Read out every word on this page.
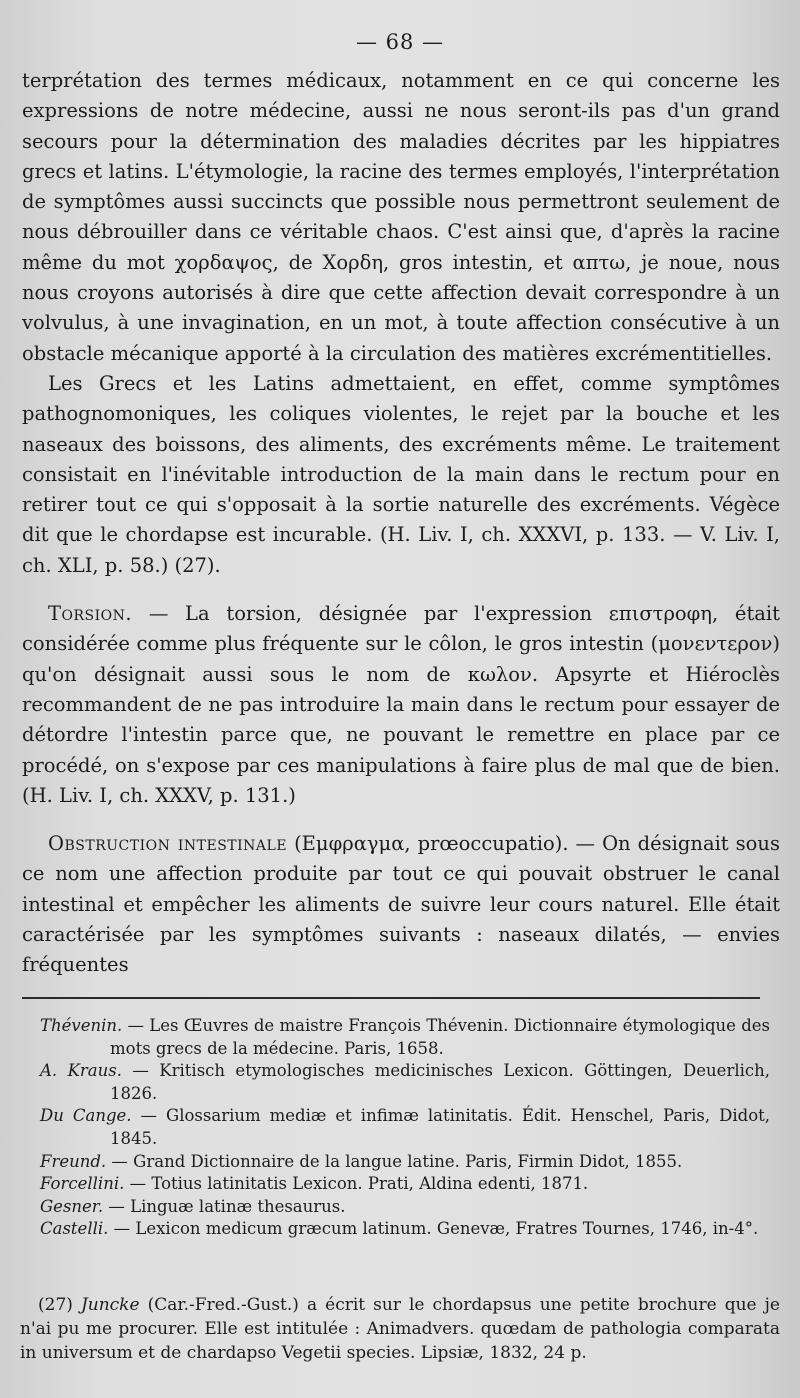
— 68 —

terprétation des termes médicaux, notamment en ce qui concerne les expressions de notre médecine, aussi ne nous seront-ils pas d'un grand secours pour la détermination des maladies décrites par les hippiatres grecs et latins. L'étymologie, la racine des termes employés, l'interprétation de symptômes aussi succincts que possible nous permettront seulement de nous débrouiller dans ce véritable chaos. C'est ainsi que, d'après la racine même du mot χορδαψος, de Χορδη, gros intestin, et απτω, je noue, nous nous croyons autorisés à dire que cette affection devait correspondre à un volvulus, à une invagination, en un mot, à toute affection consécutive à un obstacle mécanique apporté à la circulation des matières excrémentitielles.

Les Grecs et les Latins admettaient, en effet, comme symptômes pathognomoniques, les coliques violentes, le rejet par la bouche et les naseaux des boissons, des aliments, des excréments même. Le traitement consistait en l'inévitable introduction de la main dans le rectum pour en retirer tout ce qui s'opposait à la sortie naturelle des excréments. Végèce dit que le chordapse est incurable. (H. Liv. I, ch. XXXVI, p. 133. — V. Liv. I, ch. XLI, p. 58.) (27).

Torsion. — La torsion, désignée par l'expression επιστροφη, était considérée comme plus fréquente sur le côlon, le gros intestin (μονεντερον) qu'on désignait aussi sous le nom de κωλον. Apsyrte et Hiéroclès recommandent de ne pas introduire la main dans le rectum pour essayer de détordre l'intestin parce que, ne pouvant le remettre en place par ce procédé, on s'expose par ces manipulations à faire plus de mal que de bien. (H. Liv. I, ch. XXXV, p. 131.)

Obstruction intestinale (Εμφραγμα, prœoccupatio). — On désignait sous ce nom une affection produite par tout ce qui pouvait obstruer le canal intestinal et empêcher les aliments de suivre leur cours naturel. Elle était caractérisée par les symptômes suivants : naseaux dilatés, — envies fréquentes

Thévenin. — Les Œuvres de maistre François Thévenin. Dictionnaire étymologique des mots grecs de la médecine. Paris, 1658.
A. Kraus. — Kritisch etymologisches medicinisches Lexicon. Göttingen, Deuerlich, 1826.
Du Cange. — Glossarium mediæ et infimæ latinitatis. Édit. Henschel, Paris, Didot, 1845.
Freund. — Grand Dictionnaire de la langue latine. Paris, Firmin Didot, 1855.
Forcellini. — Totius latinitatis Lexicon. Prati, Aldina edenti, 1871.
Gesner. — Linguæ latinæ thesaurus.
Castelli. — Lexicon medicum græcum latinum. Genevæ, Fratres Tournes, 1746, in-4°.

(27) Juncke (Car.-Fred.-Gust.) a écrit sur le chordapsus une petite brochure que je n'ai pu me procurer. Elle est intitulée : Animadvers. quœdam de pathologia comparata in universum et de chardapso Vegetii species. Lipsiæ, 1832, 24 p.
